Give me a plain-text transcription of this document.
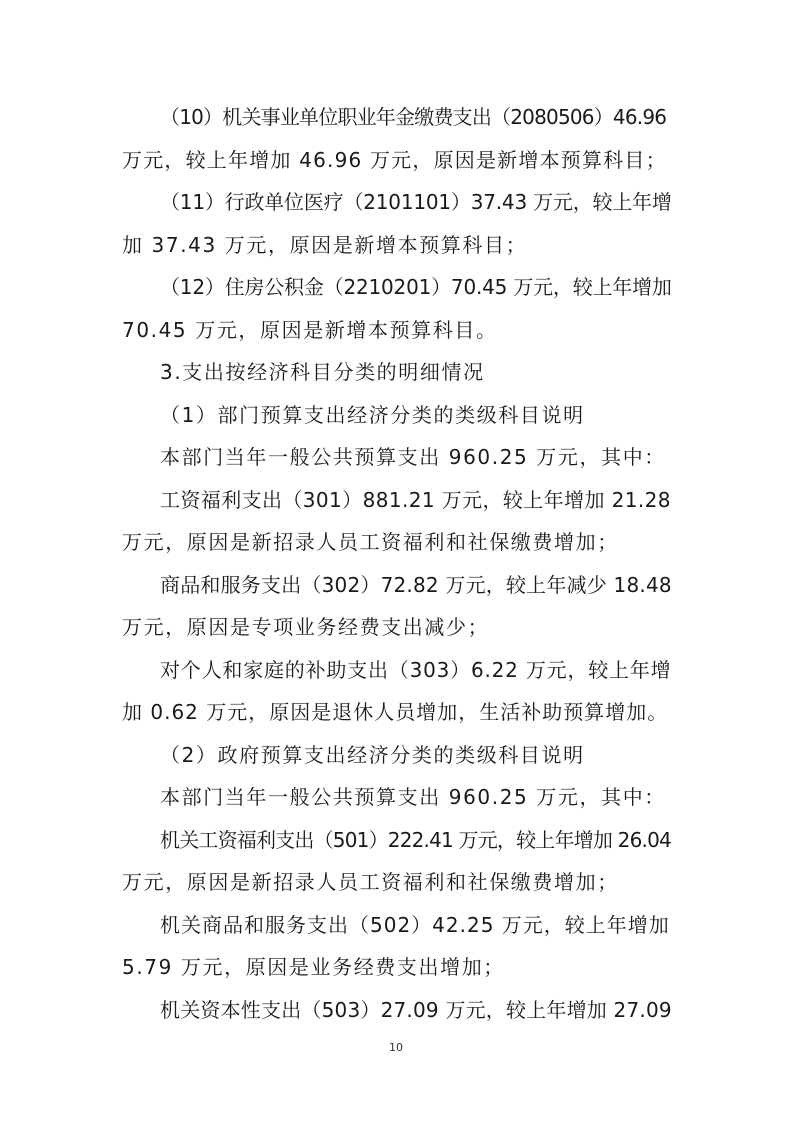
（10）机关事业单位职业年金缴费支出（2080506）46.96
万元，较上年增加 46.96 万元，原因是新增本预算科目；
（11）行政单位医疗（2101101）37.43 万元，较上年增
加 37.43 万元，原因是新增本预算科目；
（12）住房公积金（2210201）70.45 万元，较上年增加
70.45 万元，原因是新增本预算科目。
3.支出按经济科目分类的明细情况
（1）部门预算支出经济分类的类级科目说明
本部门当年一般公共预算支出 960.25 万元，其中：
工资福利支出（301）881.21 万元，较上年增加 21.28
万元，原因是新招录人员工资福利和社保缴费增加；
商品和服务支出（302）72.82 万元，较上年减少 18.48
万元，原因是专项业务经费支出减少；
对个人和家庭的补助支出（303）6.22 万元，较上年增
加 0.62 万元，原因是退休人员增加，生活补助预算增加。
（2）政府预算支出经济分类的类级科目说明
本部门当年一般公共预算支出 960.25 万元，其中：
机关工资福利支出（501）222.41 万元，较上年增加 26.04
万元，原因是新招录人员工资福利和社保缴费增加；
机关商品和服务支出（502）42.25 万元，较上年增加
5.79 万元，原因是业务经费支出增加；
机关资本性支出（503）27.09 万元，较上年增加 27.09
10
